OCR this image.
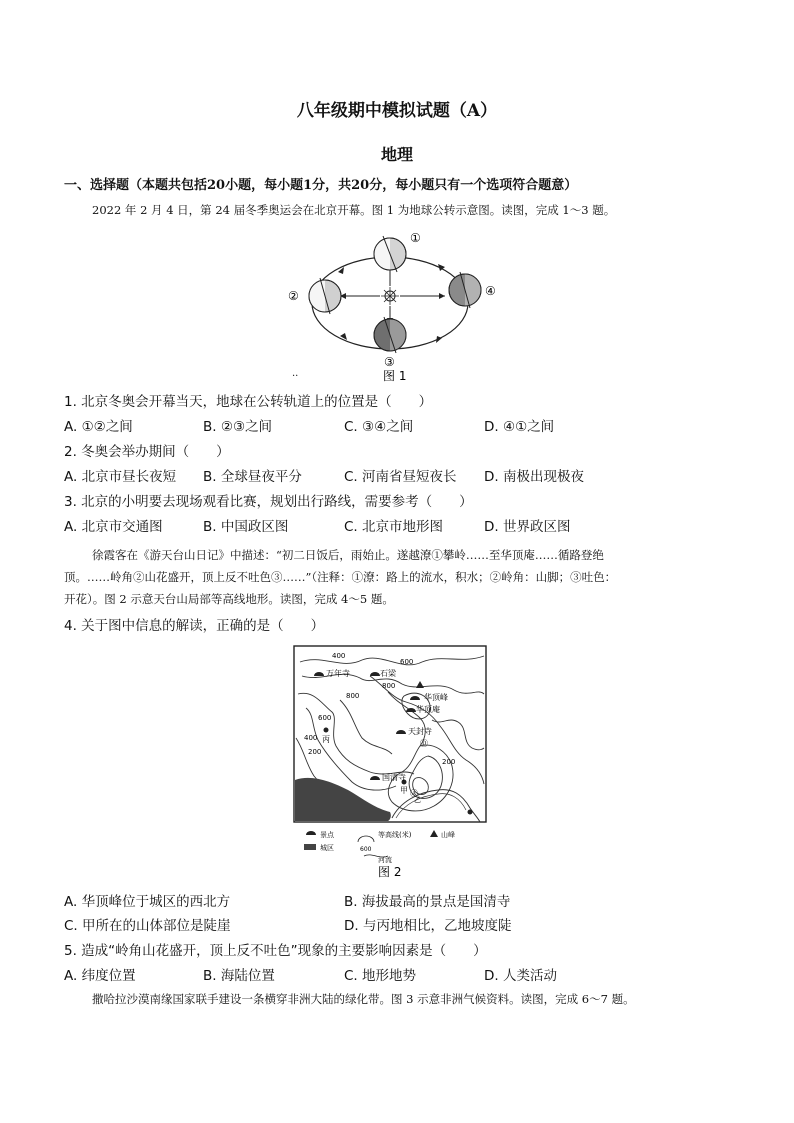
八年级期中模拟试题（A）
地理
一、选择题（本题共包括20小题，每小题1分，共20分，每小题只有一个选项符合题意）
2022 年 2 月 4 日，第 24 届冬季奥运会在北京开幕。图 1 为地球公转示意图。读图，完成 1～3 题。
①
②
③
④
图 1
..
1. 北京冬奥会开幕当天，地球在公转轨道上的位置是（　　）
A. ①②之间	B. ②③之间	C. ③④之间	D. ④①之间
2. 冬奥会举办期间（　　）
A. 北京市昼长夜短 B. 全球昼夜平分	C. 河南省昼短夜长 D. 南极出现极夜
3. 北京的小明要去现场观看比赛，规划出行路线，需要参考（　　）
A. 北京市交通图	B. 中国政区图	C. 北京市地形图	D. 世界政区图
徐霞客在《游天台山日记》中描述：“初二日饭后，雨始止。遂越潦①攀岭……至华顶庵……循路登绝
顶。……岭角②山花盛开，顶上反不吐色③……”（注释：①潦：路上的流水，积水；②岭角：山脚；③吐色：
开花）。图 2 示意天台山局部等高线地形。读图，完成 4～5 题。
4. 关于图中信息的解读，正确的是（　　）
Ⓓ
Ⓐ
万年寺	石梁
华顶峰
华顶庵
天封寺
国清寺
丙
甲
乙
400
600
800
600
800
200
400
200
景点
城区	600
等高线(米)
河流
山峰
图 2
A. 华顶峰位于城区的西北方	B. 海拔最高的景点是国清寺
C. 甲所在的山体部位是陡崖	D. 与丙地相比，乙地坡度陡
5. 造成“岭角山花盛开，顶上反不吐色”现象的主要影响因素是（　　）
A. 纬度位置	B. 海陆位置	C. 地形地势	D. 人类活动
撒哈拉沙漠南缘国家联手建设一条横穿非洲大陆的绿化带。图 3 示意非洲气候资料。读图，完成 6～7 题。
